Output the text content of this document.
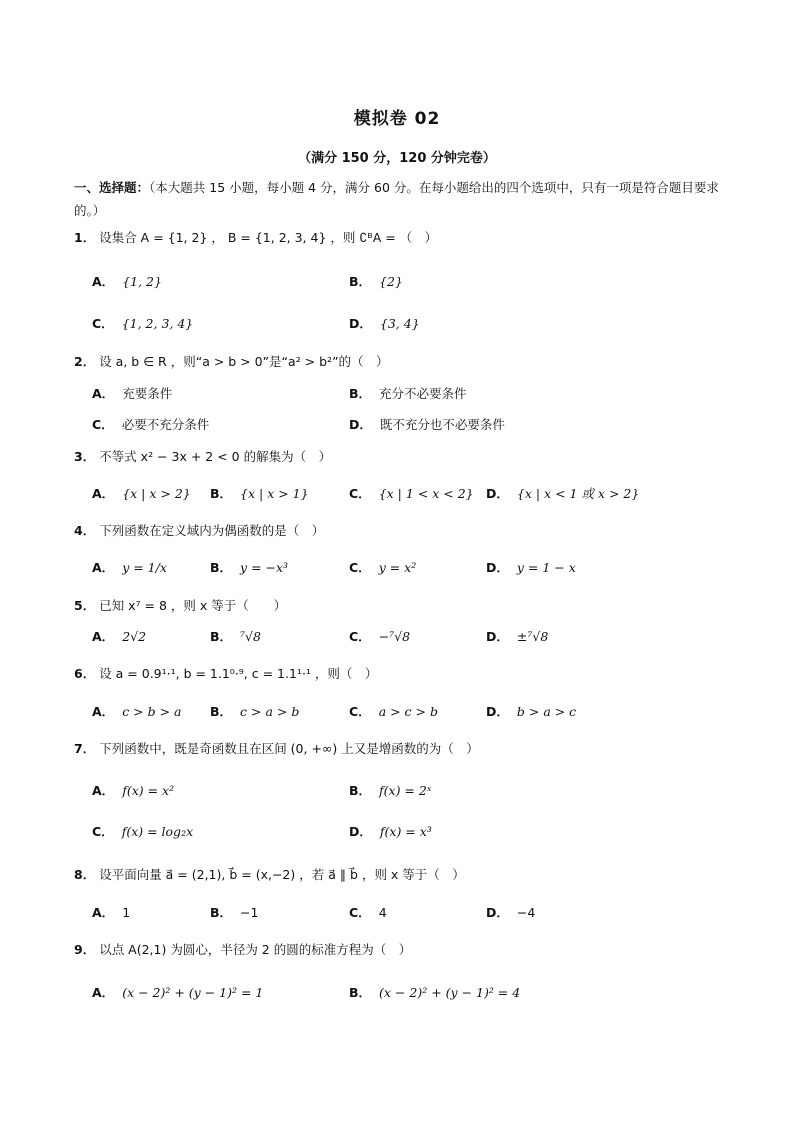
模拟卷 02
（满分 150 分，120 分钟完卷）
一、选择题：（本大题共 15 小题，每小题 4 分，满分 60 分。在每小题给出的四个选项中，只有一项是符合题目要求的。）
1． 设集合 A = {1, 2} ， B = {1, 2, 3, 4} ，则 ∁ᴮA = （　）
A． {1, 2}	B． {2}
C． {1, 2, 3, 4}	D． {3, 4}
2． 设 a, b ∈ R ，则“a > b > 0”是“a² > b²”的（　）
A． 充要条件	B． 充分不必要条件
C． 必要不充分条件	D． 既不充分也不必要条件
3． 不等式 x² − 3x + 2 < 0 的解集为（　）
A． {x | x > 2} B． {x | x > 1}	C． {x | 1 < x < 2} D． {x | x < 1 或 x > 2}
4． 下列函数在定义域内为偶函数的是（　）
A． y = 1/x	B． y = −x³	C． y = x²	D． y = 1 − x
5． 已知 x⁷ = 8 ，则 x 等于（　　）
A． 2√2	B． ⁷√8	C． −⁷√8	D． ±⁷√8
6． 设 a = 0.9¹·¹, b = 1.1⁰·⁹, c = 1.1¹·¹ ，则（　）
A． c > b > a B． c > a > b	C． a > c > b	D． b > a > c
7． 下列函数中，既是奇函数且在区间 (0, +∞) 上又是增函数的为（　）
A． f(x) = x²	B． f(x) = 2ˣ
C． f(x) = log₂x	D． f(x) = x³
8． 设平面向量 a⃗ = (2,1), b⃗ = (x,−2) ，若 a⃗ ∥ b⃗ ，则 x 等于（　）
A． 1	B． −1	C． 4	D． −4
9． 以点 A(2,1) 为圆心，半径为 2 的圆的标准方程为（　）
A． (x − 2)² + (y − 1)² = 1	B． (x − 2)² + (y − 1)² = 4
